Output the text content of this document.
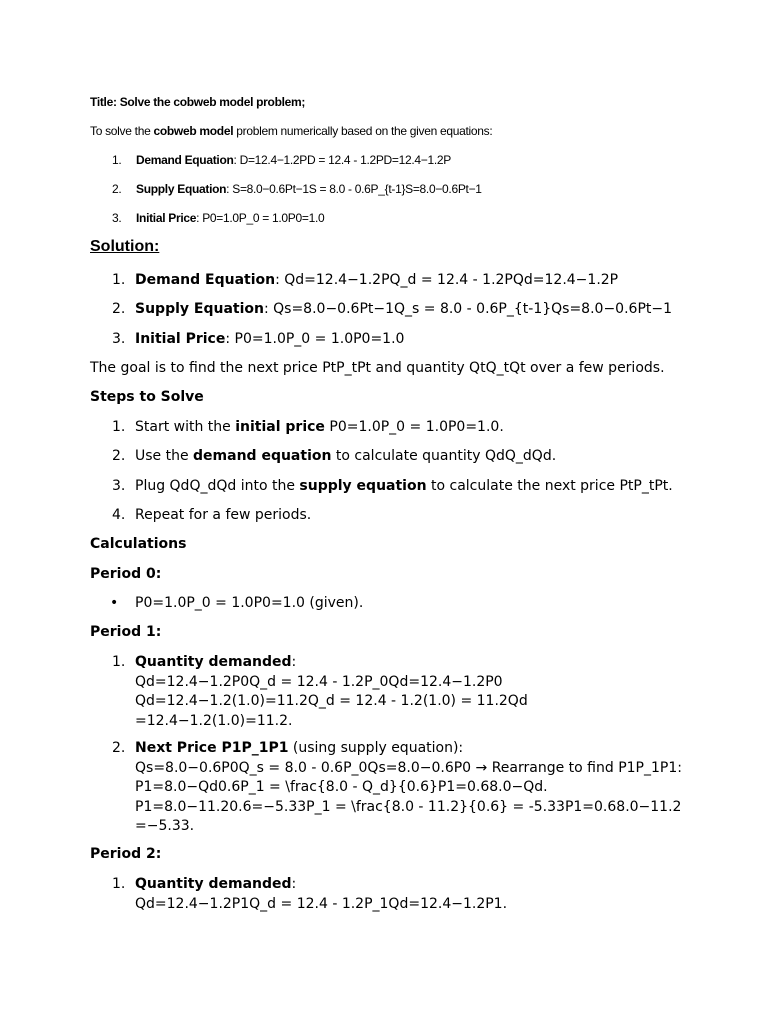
Title: Solve the cobweb model problem;
To solve the cobweb model problem numerically based on the given equations:
1. Demand Equation: D=12.4−1.2PD = 12.4 - 1.2PD=12.4−1.2P
2. Supply Equation: S=8.0−0.6Pt−1S = 8.0 - 0.6P_{t-1}S=8.0−0.6Pt−1
3. Initial Price: P0=1.0P_0 = 1.0P0=1.0
Solution:
1. Demand Equation: Qd=12.4−1.2PQ_d = 12.4 - 1.2PQd=12.4−1.2P
2. Supply Equation: Qs=8.0−0.6Pt−1Q_s = 8.0 - 0.6P_{t-1}Qs=8.0−0.6Pt−1
3. Initial Price: P0=1.0P_0 = 1.0P0=1.0
The goal is to find the next price PtP_tPt and quantity QtQ_tQt over a few periods.
Steps to Solve
1. Start with the initial price P0=1.0P_0 = 1.0P0=1.0.
2. Use the demand equation to calculate quantity QdQ_dQd.
3. Plug QdQ_dQd into the supply equation to calculate the next price PtP_tPt.
4. Repeat for a few periods.
Calculations
Period 0:
• P0=1.0P_0 = 1.0P0=1.0 (given).
Period 1:
1. Quantity demanded:
Qd=12.4−1.2P0Q_d = 12.4 - 1.2P_0Qd=12.4−1.2P0
Qd=12.4−1.2(1.0)=11.2Q_d = 12.4 - 1.2(1.0) = 11.2Qd
=12.4−1.2(1.0)=11.2.
2. Next Price P1P_1P1 (using supply equation):
Qs=8.0−0.6P0Q_s = 8.0 - 0.6P_0Qs=8.0−0.6P0 → Rearrange to find P1P_1P1:
P1=8.0−Qd0.6P_1 = \frac{8.0 - Q_d}{0.6}P1=0.68.0−Qd.
P1=8.0−11.20.6=−5.33P_1 = \frac{8.0 - 11.2}{0.6} = -5.33P1=0.68.0−11.2
=−5.33.
Period 2:
1. Quantity demanded:
Qd=12.4−1.2P1Q_d = 12.4 - 1.2P_1Qd=12.4−1.2P1.
